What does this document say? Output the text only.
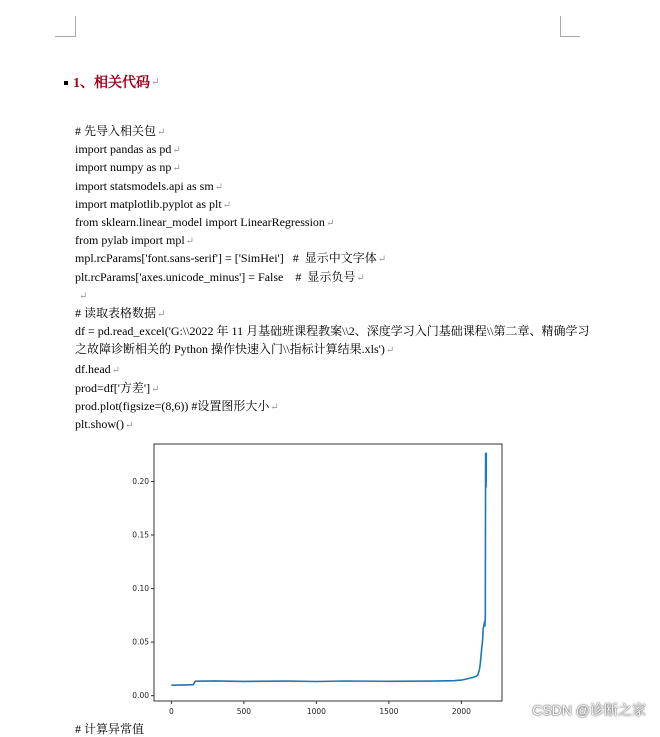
1、相关代码 ↵
# 先导入相关包↵
import pandas as pd↵
import numpy as np↵
import statsmodels.api as sm↵
import matplotlib.pyplot as plt↵
from sklearn.linear_model import LinearRegression↵
from pylab import mpl↵
mpl.rcParams['font.sans-serif'] = ['SimHei']   #  显示中文字体↵
plt.rcParams['axes.unicode_minus'] = False    #  显示负号↵
↵
# 读取表格数据↵
df = pd.read_excel('G:\\2022 年 11 月基础班课程教案\\2、深度学习入门基础课程\\第二章、精确学习之故障诊断相关的 Python 操作快速入门\\指标计算结果.xls')↵
df.head↵
prod=df['方差']↵
prod.plot(figsize=(8,6)) #设置图形大小↵
plt.show()↵
0	500	1000	1500	2000
0.00
0.05
0.10
0.15
0.20
# 计算异常值
CSDN @诊断之家
